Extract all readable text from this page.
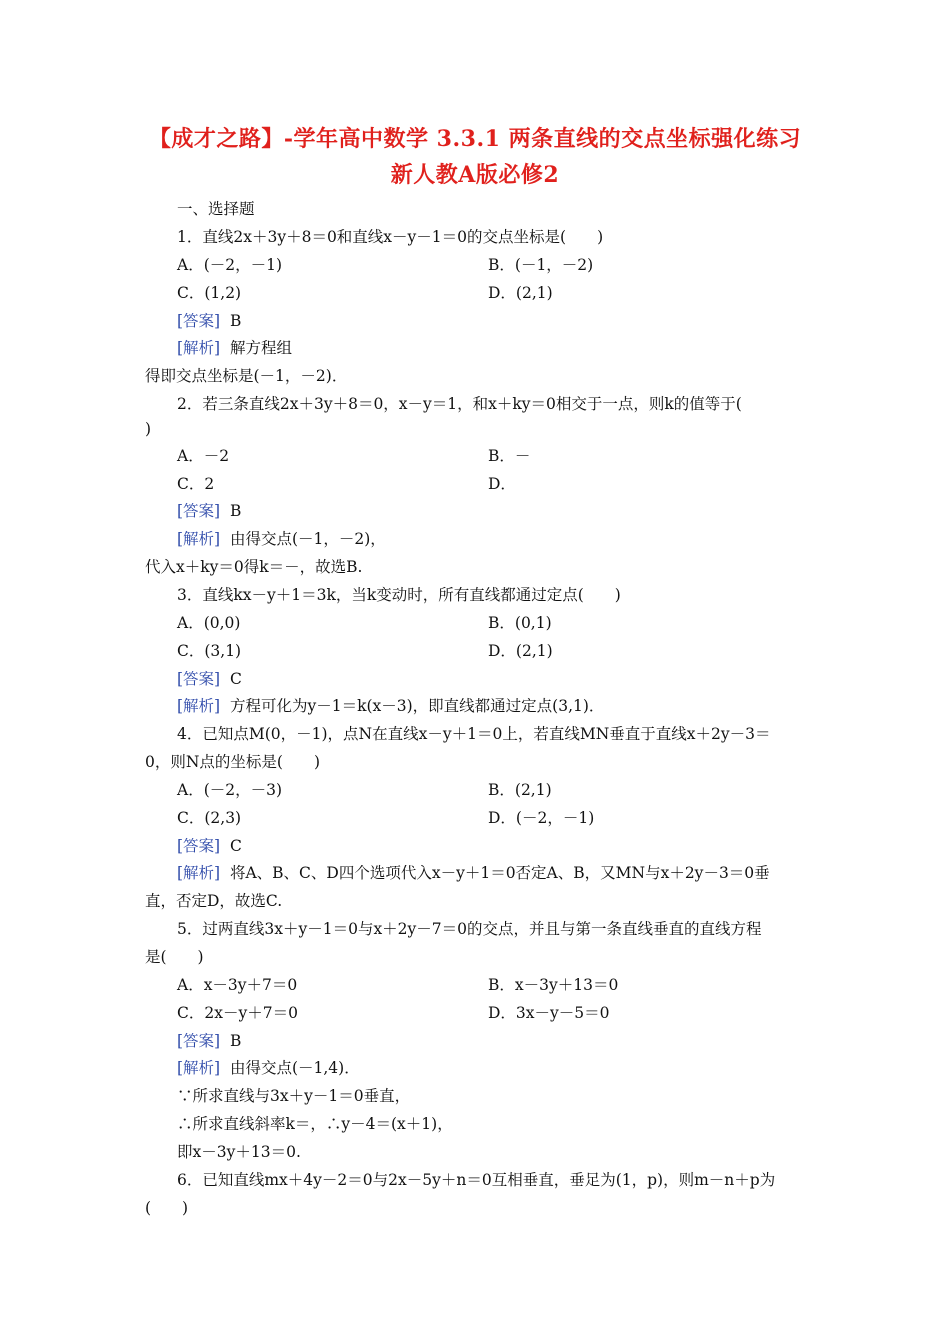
【成才之路】-学年高中数学 3.3.1 两条直线的交点坐标强化练习
新人教A版必修2
一、选择题
1．直线2x＋3y＋8＝0和直线x－y－1＝0的交点坐标是(　　)
A．(－2，－1)	B．(－1，－2)
C．(1,2)	D．(2,1)
[答案] B
[解析] 解方程组
得即交点坐标是(－1，－2)．
2．若三条直线2x＋3y＋8＝0，x－y＝1，和x＋ky＝0相交于一点，则k的值等于(
)
A．－2	B．－
C．2	D．
[答案] B
[解析] 由得交点(－1，－2)，
代入x＋ky＝0得k＝－，故选B.
3．直线kx－y＋1＝3k，当k变动时，所有直线都通过定点(　　)
A．(0,0)	B．(0,1)
C．(3,1)	D．(2,1)
[答案] C
[解析] 方程可化为y－1＝k(x－3)，即直线都通过定点(3,1)．
4．已知点M(0，－1)，点N在直线x－y＋1＝0上，若直线MN垂直于直线x＋2y－3＝
0，则N点的坐标是(　　)
A．(－2，－3)	B．(2,1)
C．(2,3)	D．(－2，－1)
[答案] C
[解析] 将A、B、C、D四个选项代入x－y＋1＝0否定A、B，又MN与x＋2y－3＝0垂
直，否定D，故选C.
5．过两直线3x＋y－1＝0与x＋2y－7＝0的交点，并且与第一条直线垂直的直线方程
是(　　)
A．x－3y＋7＝0	B．x－3y＋13＝0
C．2x－y＋7＝0	D．3x－y－5＝0
[答案] B
[解析] 由得交点(－1,4)．
∵所求直线与3x＋y－1＝0垂直，
∴所求直线斜率k＝，∴y－4＝(x＋1)，
即x－3y＋13＝0.
6．已知直线mx＋4y－2＝0与2x－5y＋n＝0互相垂直，垂足为(1，p)，则m－n＋p为
(　　)
